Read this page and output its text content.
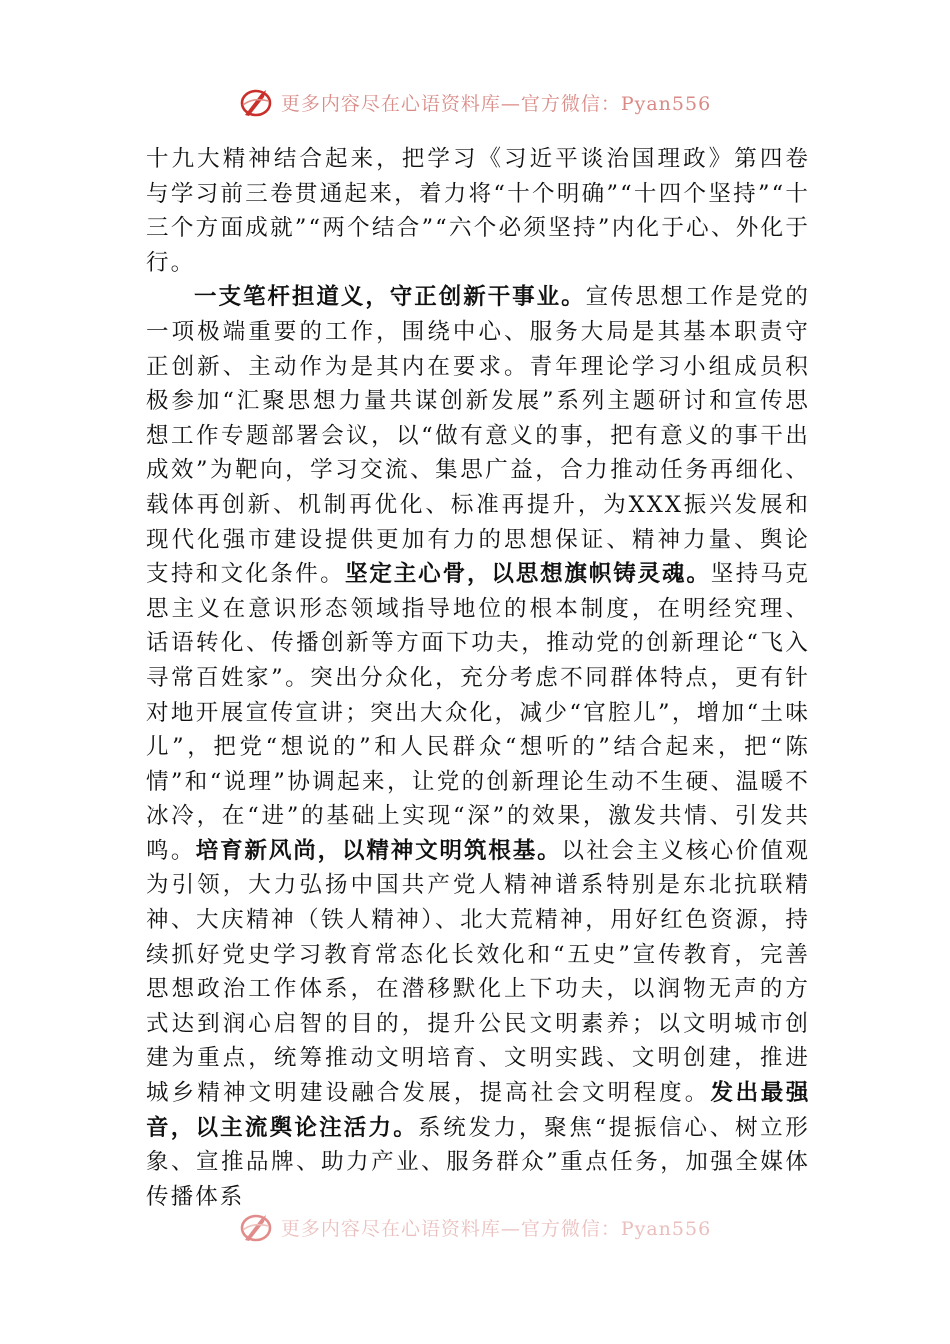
更多内容尽在心语资料库—官方微信：Pyan556

十九大精神结合起来，把学习《习近平谈治国理政》第四卷与学习前三卷贯通起来，着力将“十个明确”“十四个坚持”“十三个方面成就”“两个结合”“六个必须坚持”内化于心、外化于行。

一支笔杆担道义，守正创新干事业。宣传思想工作是党的一项极端重要的工作，围绕中心、服务大局是其基本职责守正创新、主动作为是其内在要求。青年理论学习小组成员积极参加“汇聚思想力量共谋创新发展”系列主题研讨和宣传思想工作专题部署会议，以“做有意义的事，把有意义的事干出成效”为靶向，学习交流、集思广益，合力推动任务再细化、载体再创新、机制再优化、标准再提升，为XXX振兴发展和现代化强市建设提供更加有力的思想保证、精神力量、舆论支持和文化条件。坚定主心骨，以思想旗帜铸灵魂。坚持马克思主义在意识形态领域指导地位的根本制度，在明经究理、话语转化、传播创新等方面下功夫，推动党的创新理论“飞入寻常百姓家”。突出分众化，充分考虑不同群体特点，更有针对地开展宣传宣讲；突出大众化，减少“官腔儿”，增加“土味儿”，把党“想说的”和人民群众“想听的”结合起来，把“陈情”和“说理”协调起来，让党的创新理论生动不生硬、温暖不冰冷，在“进”的基础上实现“深”的效果，激发共情、引发共鸣。培育新风尚，以精神文明筑根基。以社会主义核心价值观为引领，大力弘扬中国共产党人精神谱系特别是东北抗联精神、大庆精神（铁人精神）、北大荒精神，用好红色资源，持续抓好党史学习教育常态化长效化和“五史”宣传教育，完善思想政治工作体系，在潜移默化上下功夫，以润物无声的方式达到润心启智的目的，提升公民文明素养；以文明城市创建为重点，统筹推动文明培育、文明实践、文明创建，推进城乡精神文明建设融合发展，提高社会文明程度。发出最强音，以主流舆论注活力。系统发力，聚焦“提振信心、树立形象、宣推品牌、助力产业、服务群众”重点任务，加强全媒体传播体系

更多内容尽在心语资料库—官方微信：Pyan556
